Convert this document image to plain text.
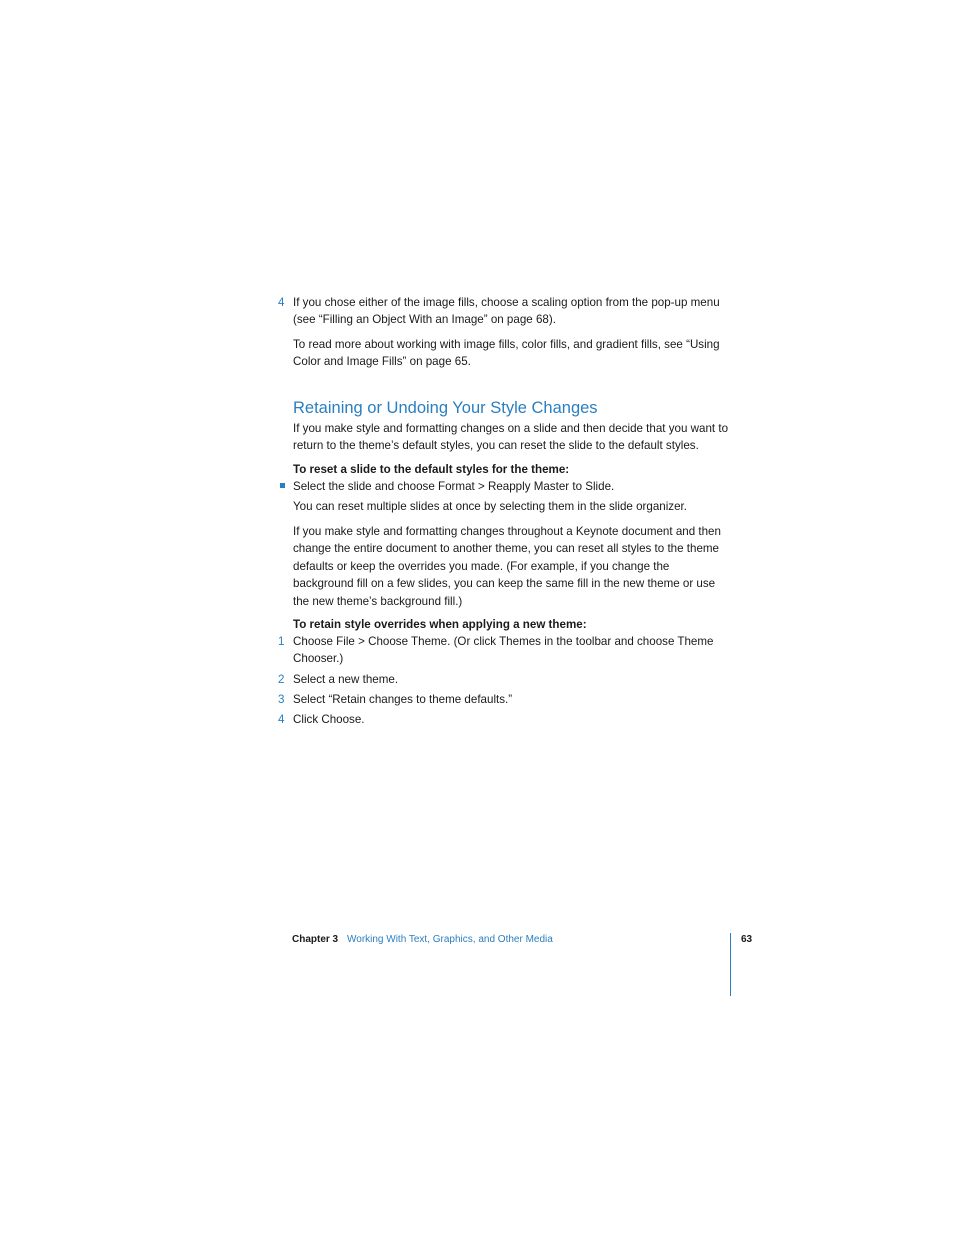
4 If you chose either of the image fills, choose a scaling option from the pop-up menu (see “Filling an Object With an Image” on page 68).

To read more about working with image fills, color fills, and gradient fills, see “Using Color and Image Fills” on page 65.

Retaining or Undoing Your Style Changes

If you make style and formatting changes on a slide and then decide that you want to return to the theme’s default styles, you can reset the slide to the default styles.

To reset a slide to the default styles for the theme:

Select the slide and choose Format > Reapply Master to Slide.

You can reset multiple slides at once by selecting them in the slide organizer.

If you make style and formatting changes throughout a Keynote document and then change the entire document to another theme, you can reset all styles to the theme defaults or keep the overrides you made. (For example, if you change the background fill on a few slides, you can keep the same fill in the new theme or use the new theme’s background fill.)

To retain style overrides when applying a new theme:

1 Choose File > Choose Theme. (Or click Themes in the toolbar and choose Theme Chooser.)

2 Select a new theme.

3 Select “Retain changes to theme defaults.”

4 Click Choose.

Chapter 3 Working With Text, Graphics, and Other Media	63
